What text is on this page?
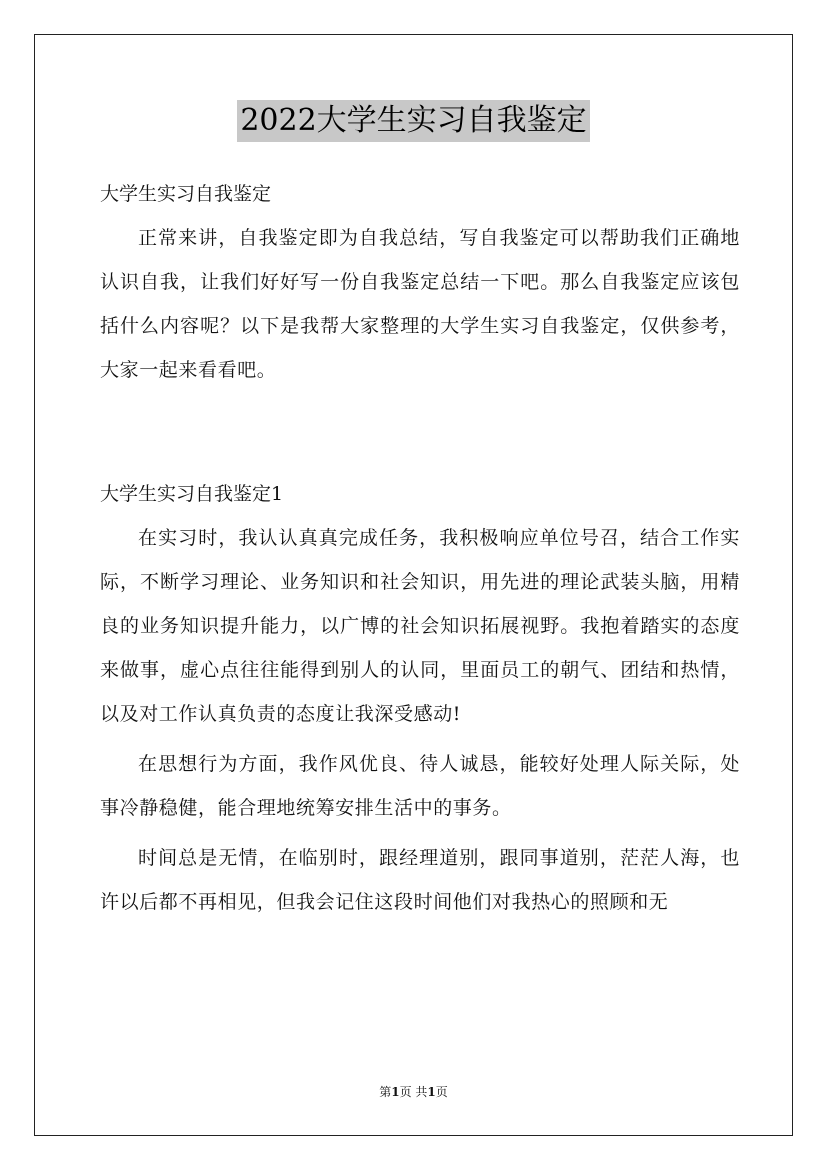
2022大学生实习自我鉴定
大学生实习自我鉴定

正常来讲，自我鉴定即为自我总结，写自我鉴定可以帮助我们正确地认识自我，让我们好好写一份自我鉴定总结一下吧。那么自我鉴定应该包括什么内容呢？以下是我帮大家整理的大学生实习自我鉴定，仅供参考，大家一起来看看吧。

大学生实习自我鉴定1

在实习时，我认认真真完成任务，我积极响应单位号召，结合工作实际，不断学习理论、业务知识和社会知识，用先进的理论武装头脑，用精良的业务知识提升能力，以广博的社会知识拓展视野。我抱着踏实的态度来做事，虚心点往往能得到别人的认同，里面员工的朝气、团结和热情，以及对工作认真负责的态度让我深受感动!

在思想行为方面，我作风优良、待人诚恳，能较好处理人际关际，处事冷静稳健，能合理地统筹安排生活中的事务。

时间总是无情，在临别时，跟经理道别，跟同事道别，茫茫人海，也许以后都不再相见，但我会记住这段时间他们对我热心的照顾和无

第1页 共1页
